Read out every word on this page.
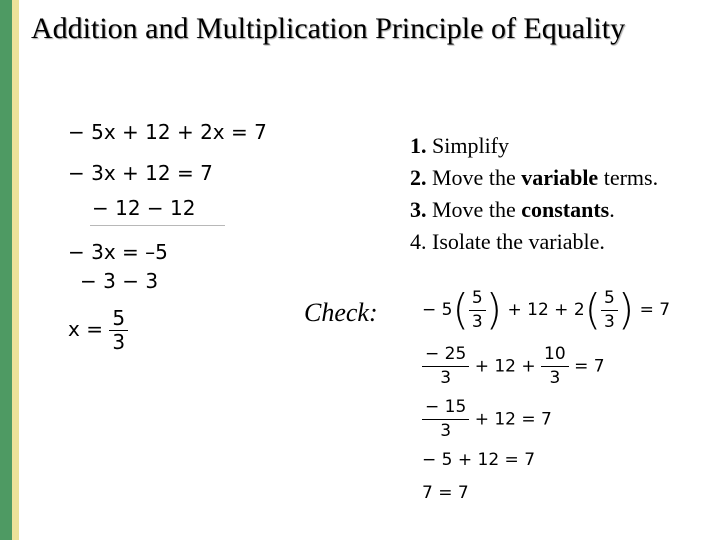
Addition and Multiplication Principle of Equality
− 5x + 12 + 2x = 7
− 3x + 12 = 7
− 12 − 12
− 3x = –5
− 3 − 3
$x = \frac{5}{3}$
1. Simplify
2. Move the variable terms.
3. Move the constants.
4. Isolate the variable.
Check:	− $5( \frac{5}{3}$ ) + $12 + 2( \frac{5}{3}$ ) = 7
$\frac{- 25}{3} + 12 + \frac{10}{3} = 7$
$\frac{- 15}{3} + 12 = 7$
− 5 + 12 = 7
7 = 7
